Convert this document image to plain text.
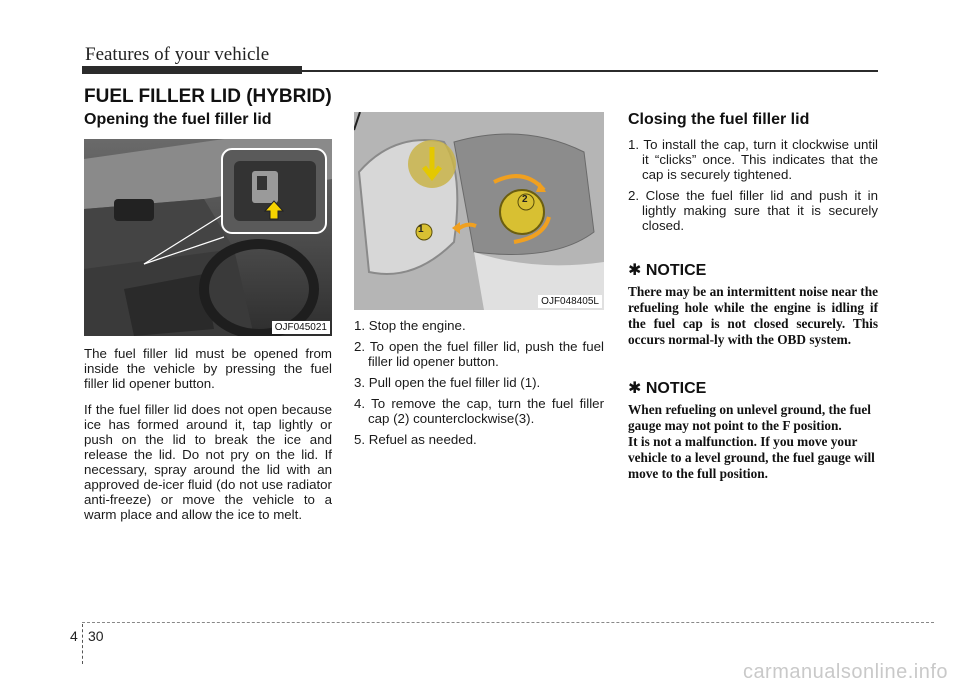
Features of your vehicle
FUEL FILLER LID (HYBRID)
Opening the fuel filler lid
OJF045021

The fuel filler lid must be opened from inside the vehicle by pressing the fuel filler lid opener button.

If the fuel filler lid does not open because ice has formed around it, tap lightly or push on the lid to break the ice and release the lid. Do not pry on the lid. If necessary, spray around the lid with an approved de-icer fluid (do not use radiator anti-freeze) or move the vehicle to a warm place and allow the ice to melt.

1
2
OJF048405L
1. Stop the engine.
2. To open the fuel filler lid, push the fuel filler lid opener button.
3. Pull open the fuel filler lid (1).
4. To remove the cap, turn the fuel filler cap (2) counterclockwise(3).
5. Refuel as needed.
Closing the fuel filler lid
1. To install the cap, turn it clockwise until it “clicks” once. This indicates that the cap is securely tightened.
2. Close the fuel filler lid and push it in lightly making sure that it is securely closed.
✱ NOTICE

There may be an intermittent noise near the refueling hole while the engine is idling if the fuel cap is not closed securely. This occurs normal-ly with the OBD system.

✱ NOTICE

When refueling on unlevel ground, the fuel gauge may not point to the F position.
It is not a malfunction. If you move your vehicle to a level ground, the fuel gauge will move to the full position.

4 30
carmanualsonline.info
